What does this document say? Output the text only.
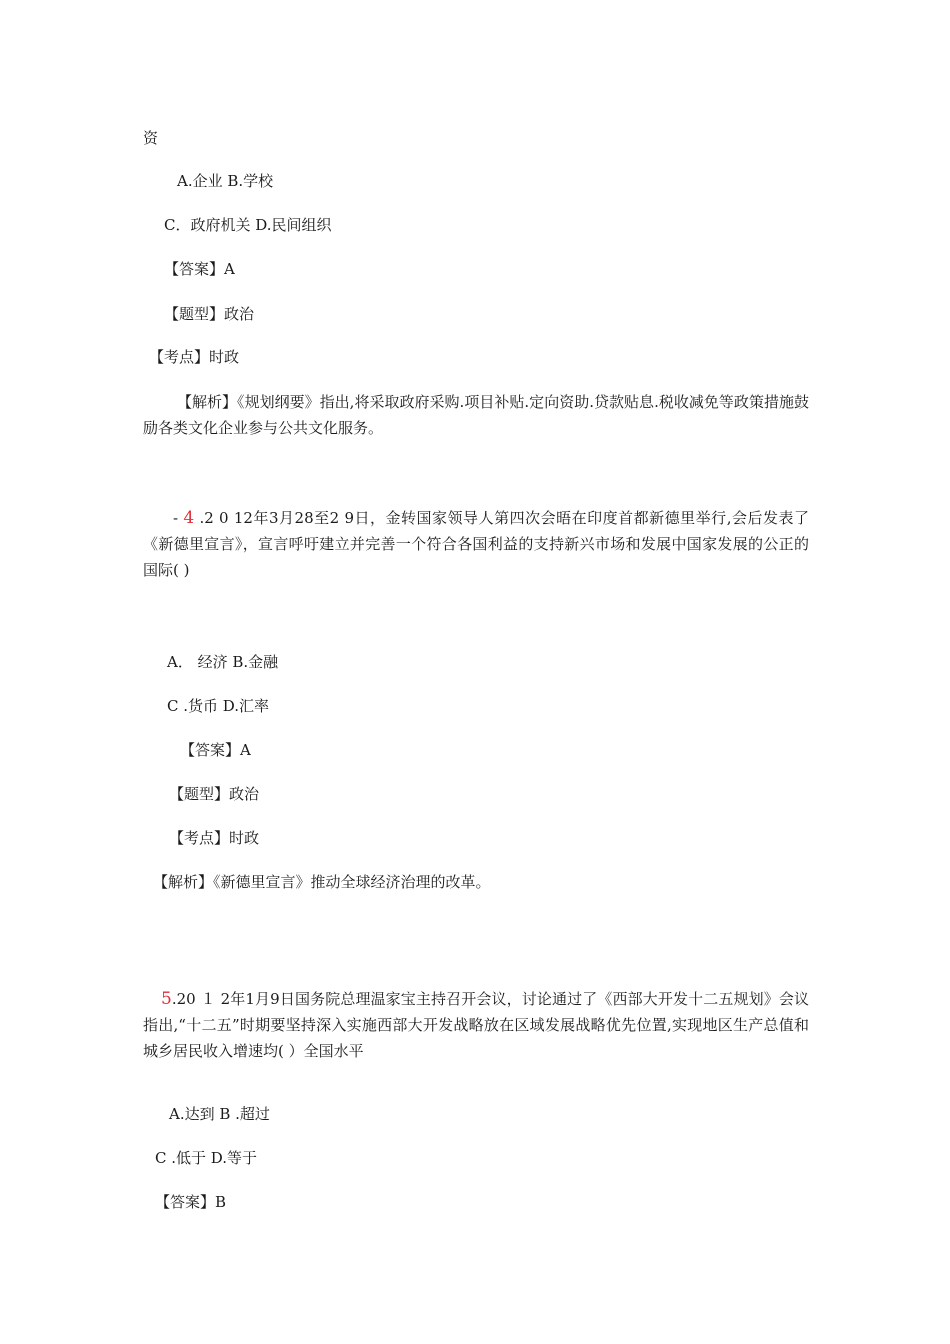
资
A.企业 B.学校
C．政府机关 D.民间组织
【答案】A
【题型】政治
【考点】时政
【解析】《规划纲要》指出,将采取政府采购.项目补贴.定向资助.贷款贴息.税收减免等政策措施鼓励各类文化企业参与公共文化服务。
- 4 .2 0 12年3月28至2 9日，金转国家领导人第四次会晤在印度首都新德里举行,会后发表了《新德里宣言》，宣言呼吁建立并完善一个符合各国利益的支持新兴市场和发展中国家发展的公正的国际( )
A． 经济 B.金融
C .货币 D.汇率
【答案】A
【题型】政治
【考点】时政
【解析】《新德里宣言》推动全球经济治理的改革。
5.20 １ 2年1月9日国务院总理温家宝主持召开会议，讨论通过了《西部大开发十二五规划》会议指出,“十二五”时期要坚持深入实施西部大开发战略放在区域发展战略优先位置,实现地区生产总值和城乡居民收入增速均( ）全国水平
A.达到 B .超过
C .低于 D.等于
【答案】B
